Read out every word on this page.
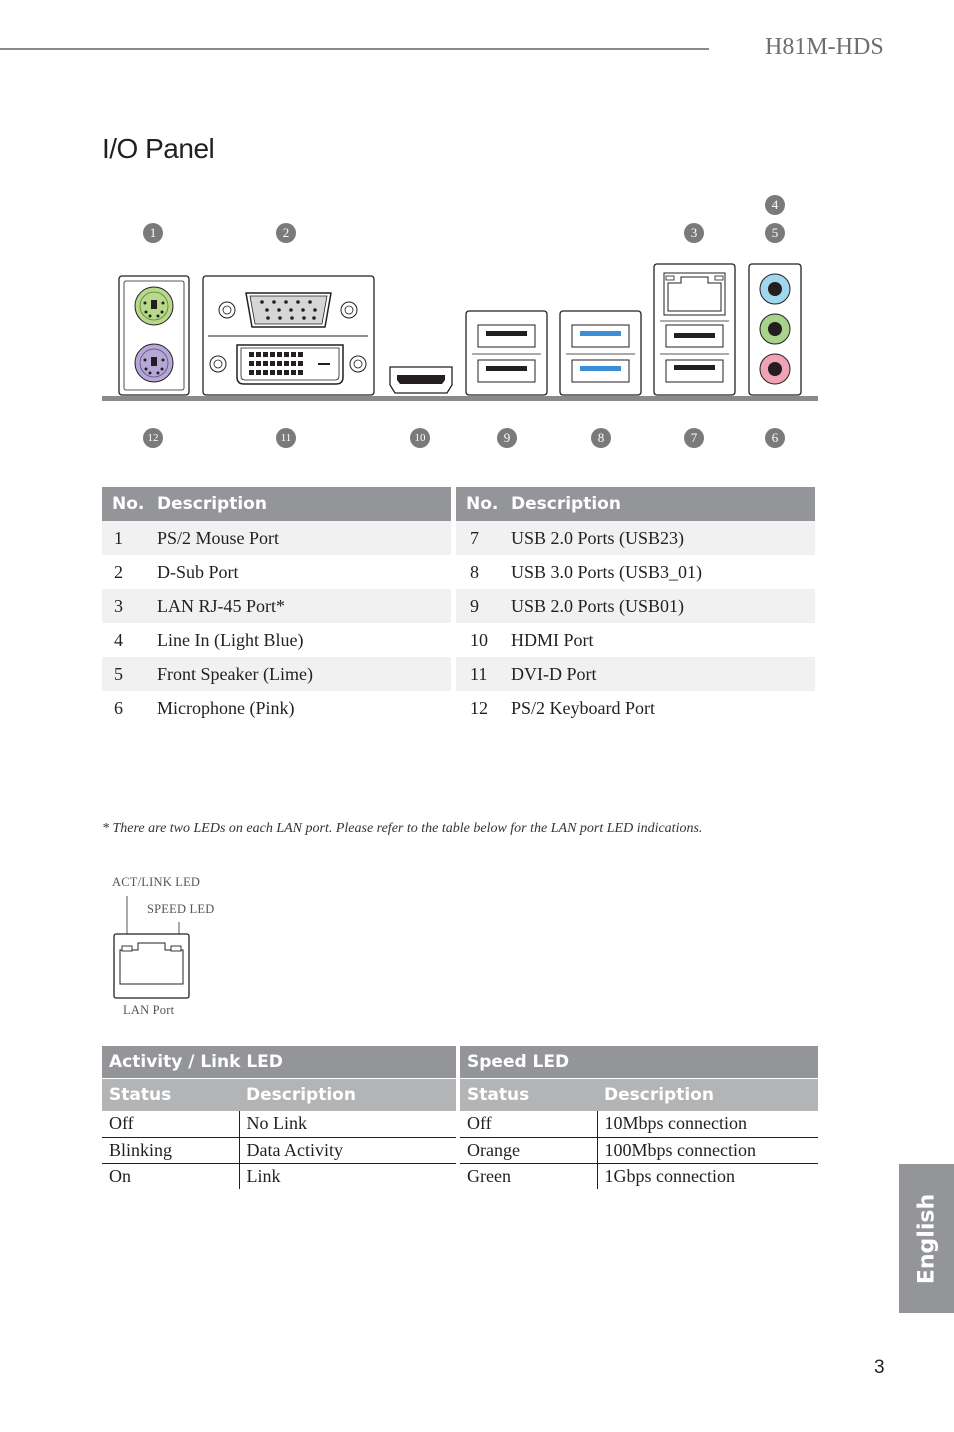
H81M-HDS
I/O Panel
1	2	3
4
5
12	11	10	9	8	7	6
No.	Description
1	PS/2 Mouse Port
2	D-Sub Port
3	LAN RJ-45 Port*
4	Line In (Light Blue)
5	Front Speaker (Lime)
6	Microphone (Pink)
No.	Description
7	USB 2.0 Ports (USB23)
8	USB 3.0 Ports (USB3_01)
9	USB 2.0 Ports (USB01)
10	HDMI Port
11	DVI-D Port
12	PS/2 Keyboard Port
* There are two LEDs on each LAN port. Please refer to the table below for the LAN port LED indications.
ACT/LINK LED
SPEED LED
LAN Port
Activity / Link LED	
Status	Description
Off	No Link
Blinking	Data Activity
On	Link
Speed LED	
Status	Description
Off	10Mbps connection
Orange	100Mbps connection
Green	1Gbps connection
English
3
